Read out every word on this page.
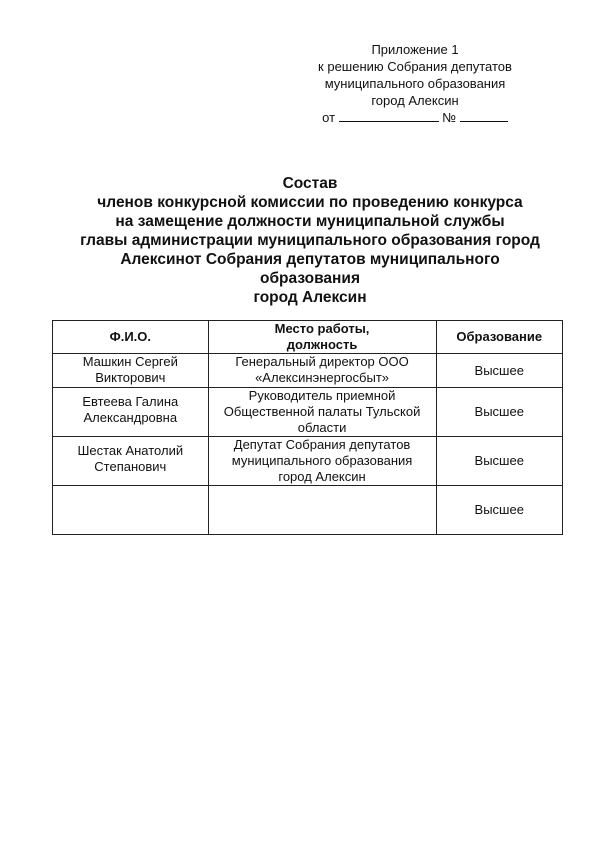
Приложение 1
к решению Собрания депутатов
муниципального образования
город Алексин
от	№
Состав
членов конкурсной комиссии по проведению конкурса
на замещение должности муниципальной службы
главы администрации муниципального образования город
Алексинот Собрания депутатов муниципального
образования
город Алексин
Ф.И.О.	Место работы, должность	Образование
Машкин Сергей Викторович	Генеральный директор ООО «Алексинэнергосбыт»	Высшее
Евтеева Галина Александровна	Руководитель приемной Общественной палаты Тульской области	Высшее
Шестак Анатолий Степанович	Депутат Собрания депутатов муниципального образования город Алексин	Высшее
		Высшее
